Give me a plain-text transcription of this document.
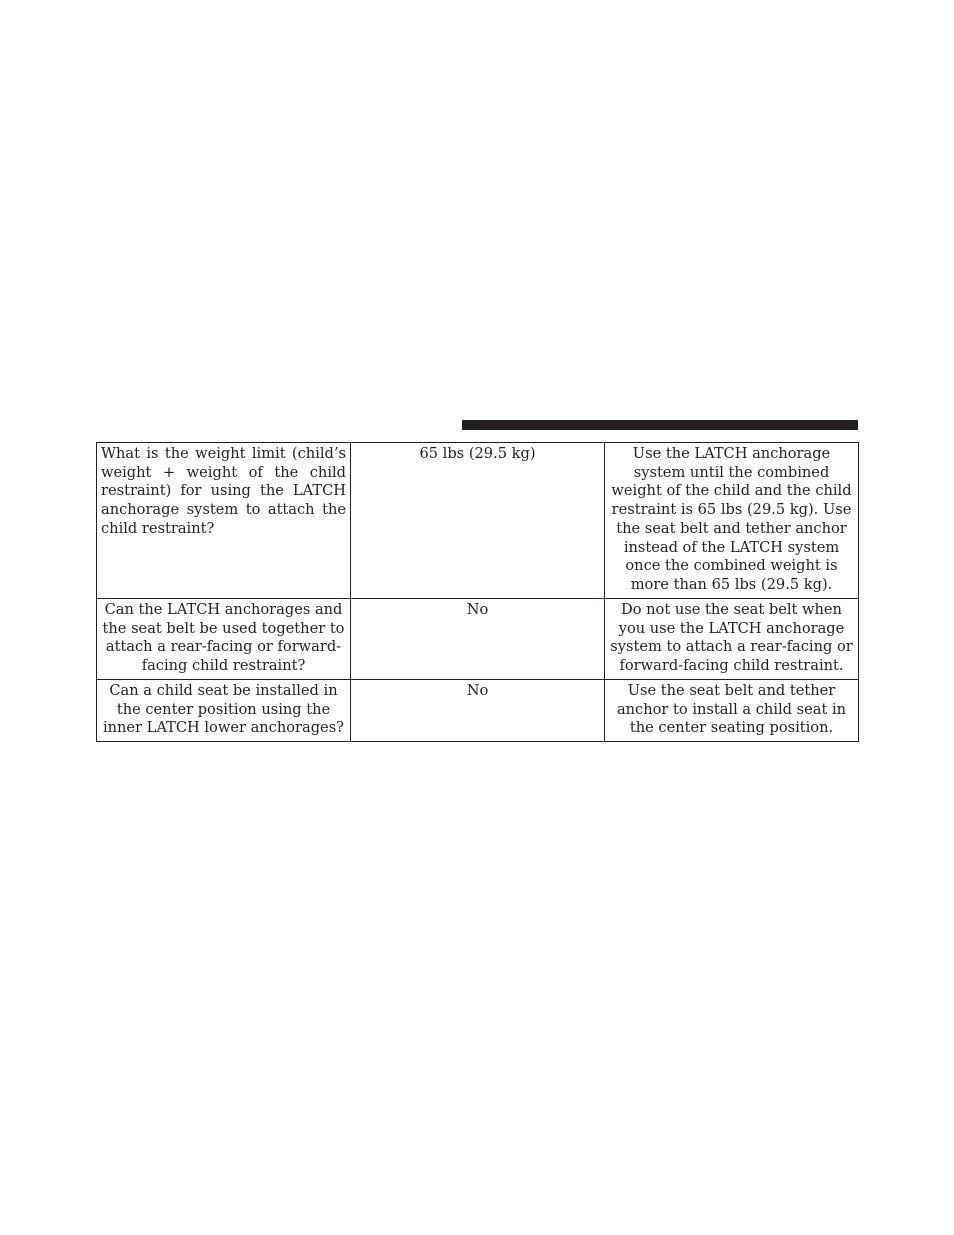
What is the weight limit (child’s weight + weight of the child restraint) for using the LATCH anchorage system to attach the child restraint?	65 lbs (29.5 kg)	Use the LATCH anchorage system until the combined weight of the child and the child restraint is 65 lbs (29.5 kg). Use the seat belt and tether anchor instead of the LATCH system once the combined weight is more than 65 lbs (29.5 kg).
Can the LATCH anchorages and the seat belt be used together to attach a rear-facing or forward-facing child restraint?	No	Do not use the seat belt when you use the LATCH anchorage system to attach a rear-facing or forward-facing child restraint.
Can a child seat be installed in the center position using the inner LATCH lower anchorages?	No	Use the seat belt and tether anchor to install a child seat in the center seating position.
